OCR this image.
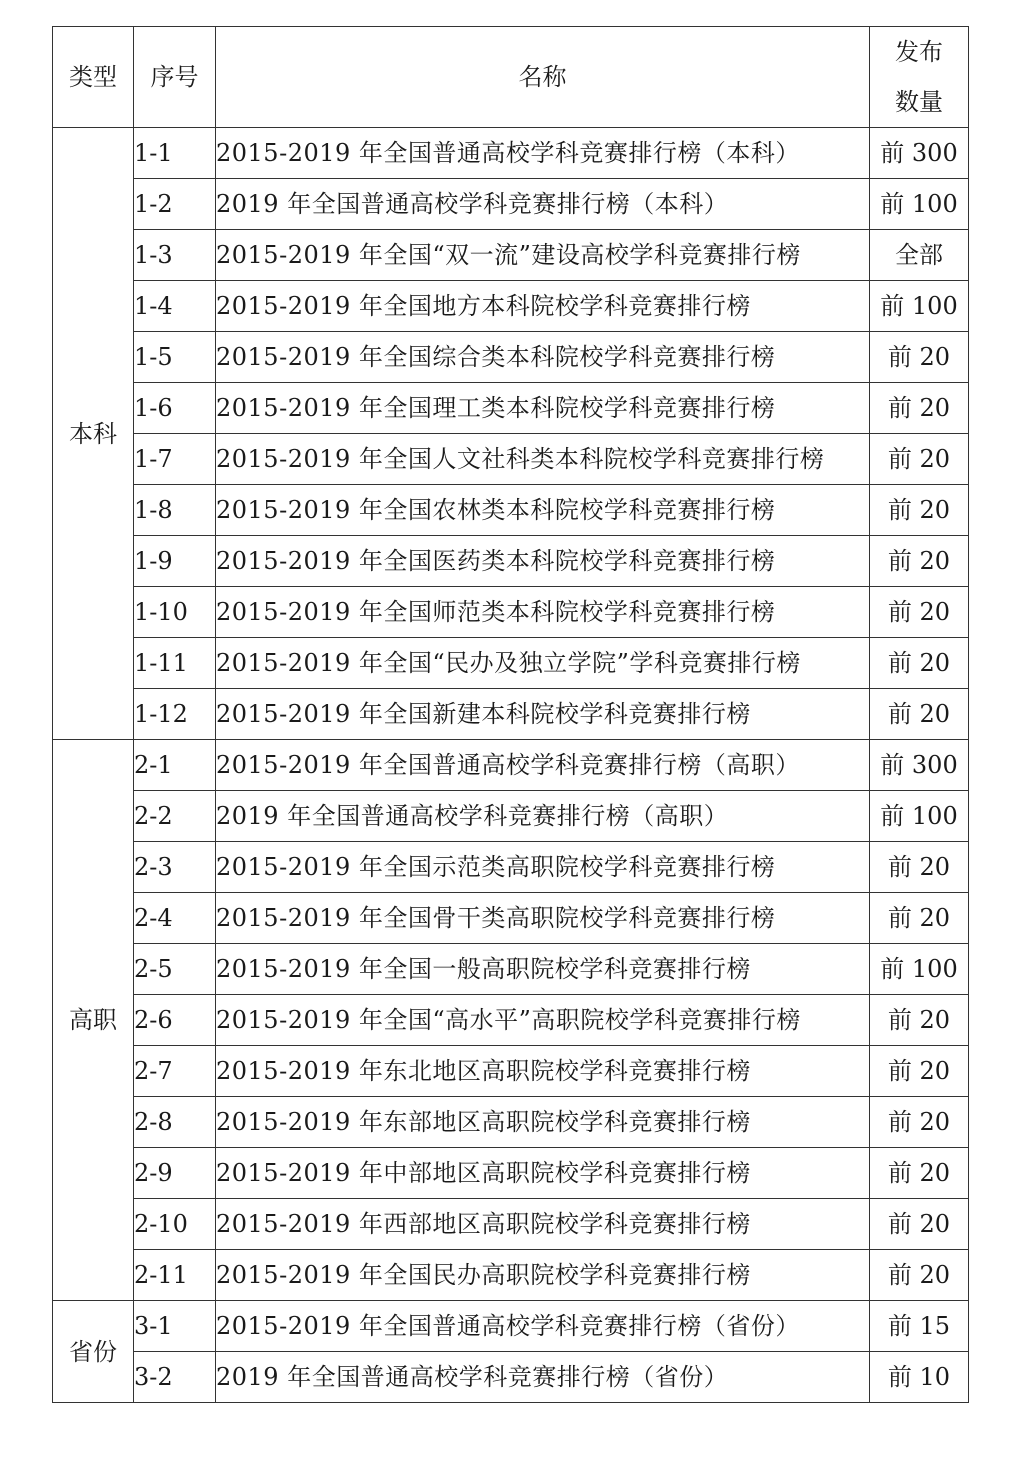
类型	序号	名称	发布
数量

本科	1-1	2015-2019 年全国普通高校学科竞赛排行榜（本科）	前 300
	1-2	2019 年全国普通高校学科竞赛排行榜（本科）	前 100
	1-3	2015-2019 年全国“双一流”建设高校学科竞赛排行榜	全部
	1-4	2015-2019 年全国地方本科院校学科竞赛排行榜	前 100
	1-5	2015-2019 年全国综合类本科院校学科竞赛排行榜	前 20
	1-6	2015-2019 年全国理工类本科院校学科竞赛排行榜	前 20
	1-7	2015-2019 年全国人文社科类本科院校学科竞赛排行榜	前 20
	1-8	2015-2019 年全国农林类本科院校学科竞赛排行榜	前 20
	1-9	2015-2019 年全国医药类本科院校学科竞赛排行榜	前 20
	1-10	2015-2019 年全国师范类本科院校学科竞赛排行榜	前 20
	1-11	2015-2019 年全国“民办及独立学院”学科竞赛排行榜	前 20
	1-12	2015-2019 年全国新建本科院校学科竞赛排行榜	前 20
高职	2-1	2015-2019 年全国普通高校学科竞赛排行榜（高职）	前 300
	2-2	2019 年全国普通高校学科竞赛排行榜（高职）	前 100
	2-3	2015-2019 年全国示范类高职院校学科竞赛排行榜	前 20
	2-4	2015-2019 年全国骨干类高职院校学科竞赛排行榜	前 20
	2-5	2015-2019 年全国一般高职院校学科竞赛排行榜	前 100
	2-6	2015-2019 年全国“高水平”高职院校学科竞赛排行榜	前 20
	2-7	2015-2019 年东北地区高职院校学科竞赛排行榜	前 20
	2-8	2015-2019 年东部地区高职院校学科竞赛排行榜	前 20
	2-9	2015-2019 年中部地区高职院校学科竞赛排行榜	前 20
	2-10	2015-2019 年西部地区高职院校学科竞赛排行榜	前 20
	2-11	2015-2019 年全国民办高职院校学科竞赛排行榜	前 20
省份	3-1	2015-2019 年全国普通高校学科竞赛排行榜（省份）	前 15
	3-2	2019 年全国普通高校学科竞赛排行榜（省份）	前 10
